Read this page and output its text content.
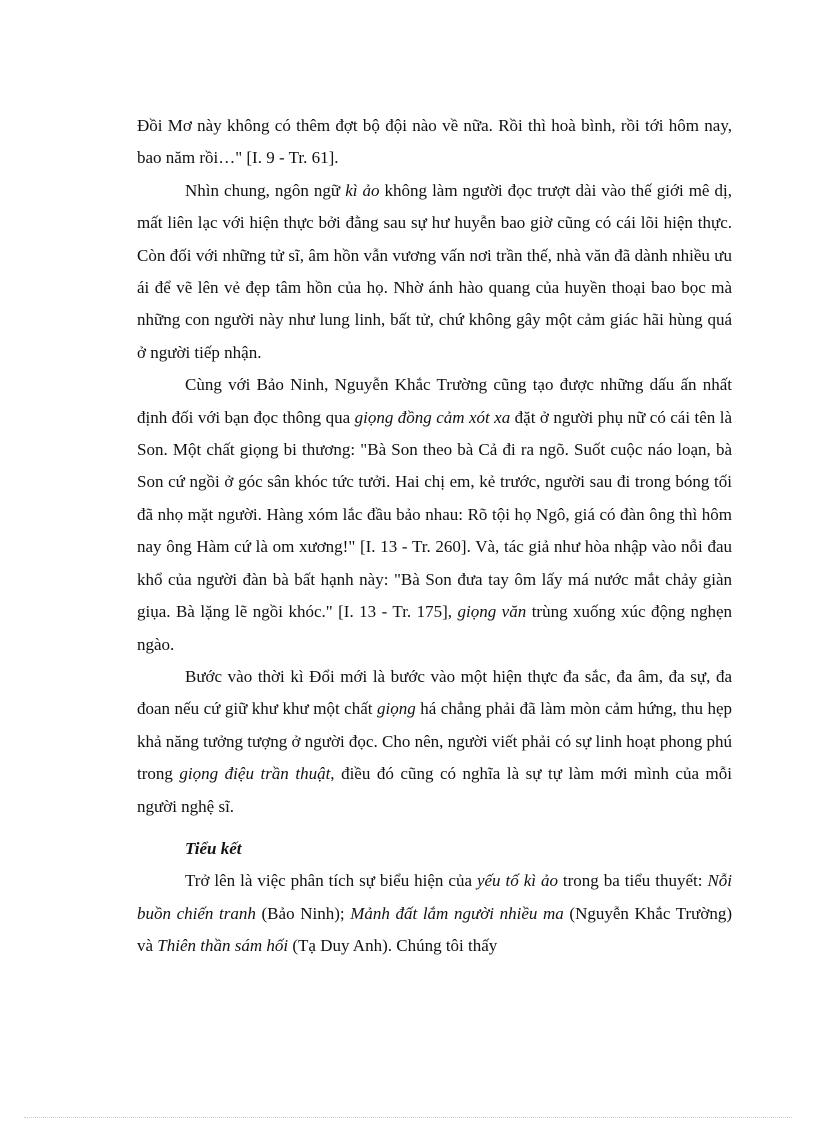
Đồi Mơ này không có thêm đợt bộ đội nào về nữa. Rồi thì hoà bình, rồi tới hôm nay, bao năm rồi…" [I. 9 - Tr. 61].

Nhìn chung, ngôn ngữ kì ảo không làm người đọc trượt dài vào thế giới mê dị, mất liên lạc với hiện thực bởi đằng sau sự hư huyễn bao giờ cũng có cái lõi hiện thực. Còn đối với những tử sĩ, âm hồn vẫn vương vấn nơi trần thế, nhà văn đã dành nhiều ưu ái để vẽ lên vẻ đẹp tâm hồn của họ. Nhờ ánh hào quang của huyền thoại bao bọc mà những con người này như lung linh, bất tử, chứ không gây một cảm giác hãi hùng quá ở người tiếp nhận.

Cùng với Bảo Ninh, Nguyễn Khắc Trường cũng tạo được những dấu ấn nhất định đối với bạn đọc thông qua giọng đồng cảm xót xa đặt ở người phụ nữ có cái tên là Son. Một chất giọng bi thương: "Bà Son theo bà Cả đi ra ngõ. Suốt cuộc náo loạn, bà Son cứ ngồi ở góc sân khóc tức tưởi. Hai chị em, kẻ trước, người sau đi trong bóng tối đã nhọ mặt người. Hàng xóm lắc đầu bảo nhau: Rõ tội họ Ngô, giá có đàn ông thì hôm nay ông Hàm cứ là om xương!" [I. 13 - Tr. 260]. Và, tác giả như hòa nhập vào nỗi đau khổ của người đàn bà bất hạnh này: "Bà Son đưa tay ôm lấy má nước mắt chảy giàn giụa. Bà lặng lẽ ngồi khóc." [I. 13 - Tr. 175], giọng văn trùng xuống xúc động nghẹn ngào.

Bước vào thời kì Đổi mới là bước vào một hiện thực đa sắc, đa âm, đa sự, đa đoan nếu cứ giữ khư khư một chất giọng há chẳng phải đã làm mòn cảm hứng, thu hẹp khả năng tưởng tượng ở người đọc. Cho nên, người viết phải có sự linh hoạt phong phú trong giọng điệu trần thuật, điều đó cũng có nghĩa là sự tự làm mới mình của mỗi người nghệ sĩ.

Tiểu kết

Trở lên là việc phân tích sự biểu hiện của yếu tố kì ảo trong ba tiểu thuyết: Nỗi buồn chiến tranh (Bảo Ninh); Mảnh đất lắm người nhiều ma (Nguyễn Khắc Trường) và Thiên thần sám hối (Tạ Duy Anh). Chúng tôi thấy
